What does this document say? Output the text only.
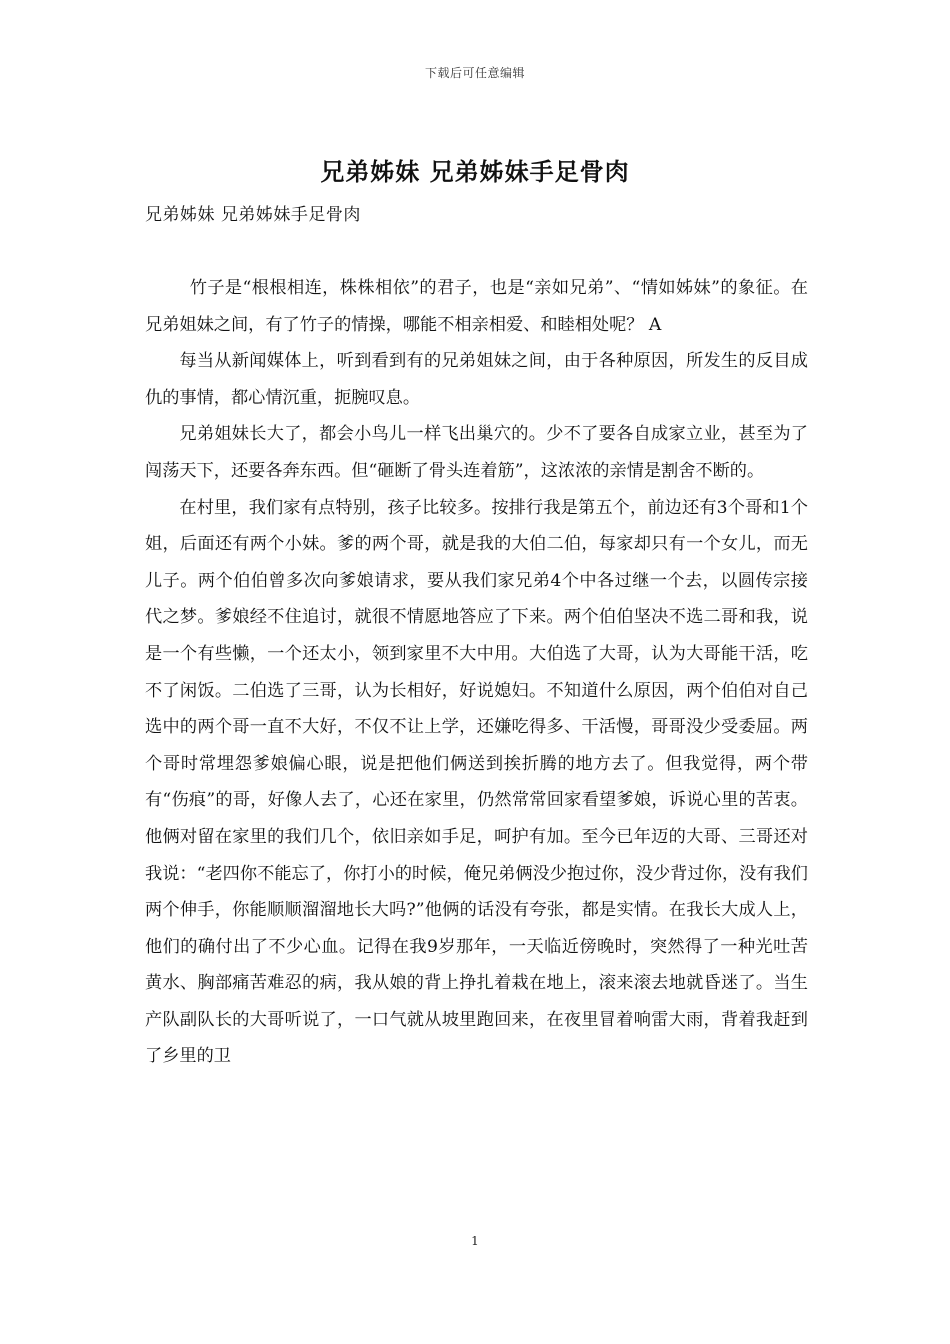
下载后可任意编辑
兄弟姊妹 兄弟姊妹手足骨肉
兄弟姊妹 兄弟姊妹手足骨肉

竹子是“根根相连，株株相依”的君子，也是“亲如兄弟”、“情如姊妹”的象征。在兄弟姐妹之间，有了竹子的情操，哪能不相亲相爱、和睦相处呢？ A

每当从新闻媒体上，听到看到有的兄弟姐妹之间，由于各种原因，所发生的反目成仇的事情，都心情沉重，扼腕叹息。

兄弟姐妹长大了，都会小鸟儿一样飞出巢穴的。少不了要各自成家立业，甚至为了闯荡天下，还要各奔东西。但“砸断了骨头连着筋”，这浓浓的亲情是割舍不断的。

在村里，我们家有点特别，孩子比较多。按排行我是第五个，前边还有3个哥和1个姐，后面还有两个小妹。爹的两个哥，就是我的大伯二伯，每家却只有一个女儿，而无儿子。两个伯伯曾多次向爹娘请求，要从我们家兄弟4个中各过继一个去，以圆传宗接代之梦。爹娘经不住追讨，就很不情愿地答应了下来。两个伯伯坚决不选二哥和我，说是一个有些懒，一个还太小，领到家里不大中用。大伯选了大哥，认为大哥能干活，吃不了闲饭。二伯选了三哥，认为长相好，好说媳妇。不知道什么原因，两个伯伯对自己选中的两个哥一直不大好，不仅不让上学，还嫌吃得多、干活慢，哥哥没少受委屈。两个哥时常埋怨爹娘偏心眼，说是把他们俩送到挨折腾的地方去了。但我觉得，两个带有“伤痕”的哥，好像人去了，心还在家里，仍然常常回家看望爹娘，诉说心里的苦衷。他俩对留在家里的我们几个，依旧亲如手足，呵护有加。至今已年迈的大哥、三哥还对我说：“老四你不能忘了，你打小的时候，俺兄弟俩没少抱过你，没少背过你，没有我们两个伸手，你能顺顺溜溜地长大吗?”他俩的话没有夸张，都是实情。在我长大成人上，他们的确付出了不少心血。记得在我9岁那年，一天临近傍晚时，突然得了一种光吐苦黄水、胸部痛苦难忍的病，我从娘的背上挣扎着栽在地上，滚来滚去地就昏迷了。当生产队副队长的大哥听说了，一口气就从坡里跑回来，在夜里冒着响雷大雨，背着我赶到了乡里的卫

1
